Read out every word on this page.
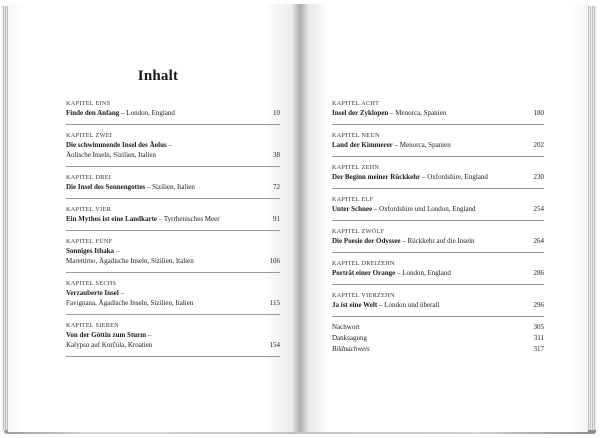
Inhalt
KAPITEL EINS
Finde den Anfang – London, England	10
KAPITEL ZWEI
Die schwimmende Insel des Äolus –
Äolische Inseln, Sizilien, Italien	38
KAPITEL DREI
Die Insel des Sonnengottes – Sizilien, Italien	72
KAPITEL VIER
Ein Mythos ist eine Landkarte – Tyrrhenisches Meer	91
KAPITEL FÜNF
Sonniges Ithaka –
Marettimo, Ägadische Inseln, Sizilien, Italien	106
KAPITEL SECHS
Verzauberte Insel –
Favignana, Ägadische Inseln, Sizilien, Italien	115
KAPITEL SIEBEN
Von der Göttin zum Sturm –
Kalypso auf Korčula, Kroatien	154
KAPITEL ACHT
Insel der Zyklopen – Menorca, Spanien	180
KAPITEL NEUN
Land der Kimmerer – Menorca, Spanien	202
KAPITEL ZEHN
Der Beginn meiner Rückkehr – Oxfordshire, England	230
KAPITEL ELF
Unter Schnee – Oxfordshire und London, England	254
KAPITEL ZWÖLF
Die Poesie der Odyssee – Rückkehr auf die Inseln	264
KAPITEL DREIZEHN
Porträt einer Orange – London, England	286
KAPITEL VIERZEHN
Ja ist eine Welt – London und überall	296
Nachwort	305
Danksagung	311
Bildnachweis	317
